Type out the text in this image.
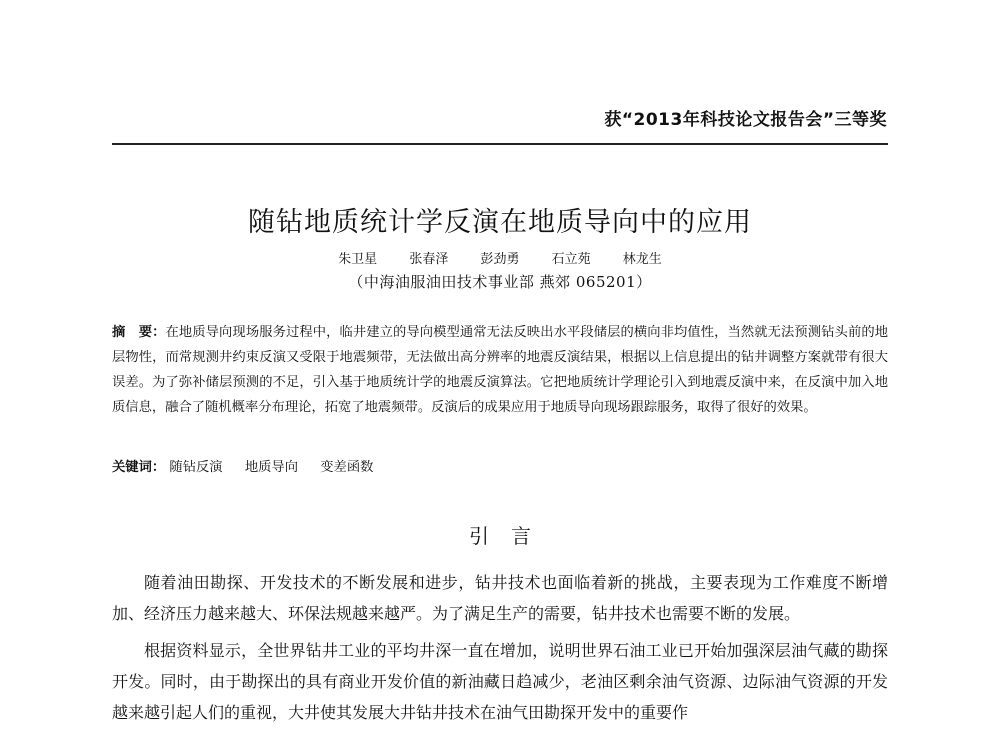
获“2013年科技论文报告会”三等奖
随钻地质统计学反演在地质导向中的应用
朱卫星 张春泽 彭劲勇 石立苑 林龙生
（中海油服油田技术事业部 燕郊 065201）
摘　要：在地质导向现场服务过程中，临井建立的导向模型通常无法反映出水平段储层的横向非均值性，当然就无法预测钻头前的地层物性，而常规测井约束反演又受限于地震频带，无法做出高分辨率的地震反演结果，根据以上信息提出的钻井调整方案就带有很大误差。为了弥补储层预测的不足，引入基于地质统计学的地震反演算法。它把地质统计学理论引入到地震反演中来，在反演中加入地质信息，融合了随机概率分布理论，拓宽了地震频带。反演后的成果应用于地质导向现场跟踪服务，取得了很好的效果。
关键词： 随钻反演 地质导向 变差函数
引言

随着油田勘探、开发技术的不断发展和进步，钻井技术也面临着新的挑战，主要表现为工作难度不断增加、经济压力越来越大、环保法规越来越严。为了满足生产的需要，钻井技术也需要不断的发展。

根据资料显示，全世界钻井工业的平均井深一直在增加，说明世界石油工业已开始加强深层油气藏的勘探开发。同时，由于勘探出的具有商业开发价值的新油藏日趋减少，老油区剩余油气资源、边际油气资源的开发越来越引起人们的重视，大井使其发展大井钻井技术在油气田勘探开发中的重要作
